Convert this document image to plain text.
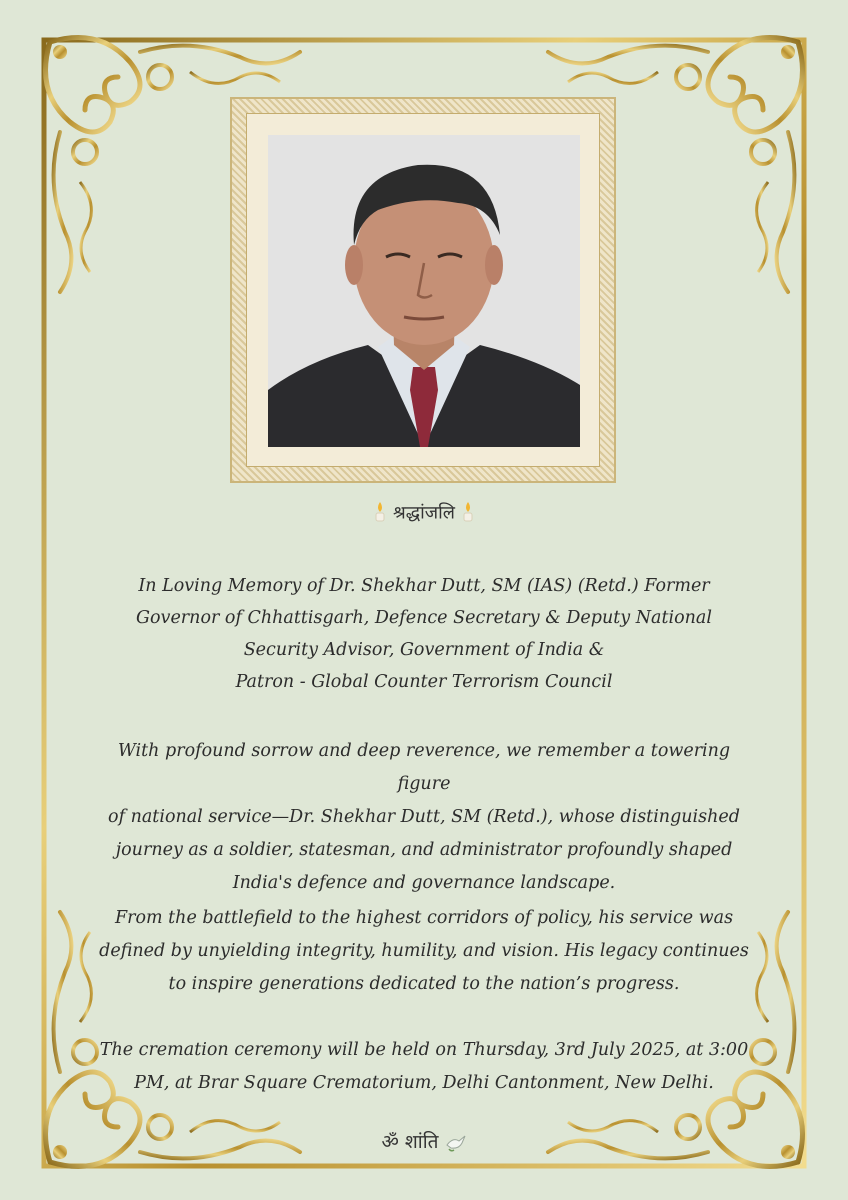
श्रद्धांजलि
In Loving Memory of Dr. Shekhar Dutt, SM (IAS) (Retd.) Former
Governor of Chhattisgarh, Defence Secretary & Deputy National
Security Advisor, Government of India &
Patron - Global Counter Terrorism Council
With profound sorrow and deep reverence, we remember a towering figure
of national service—Dr. Shekhar Dutt, SM (Retd.), whose distinguished
journey as a soldier, statesman, and administrator profoundly shaped
India's defence and governance landscape.
From the battlefield to the highest corridors of policy, his service was
defined by unyielding integrity, humility, and vision. His legacy continues
to inspire generations dedicated to the nation’s progress.
The cremation ceremony will be held on Thursday, 3rd July 2025, at 3:00
PM, at Brar Square Crematorium, Delhi Cantonment, New Delhi.
ॐ शांति
